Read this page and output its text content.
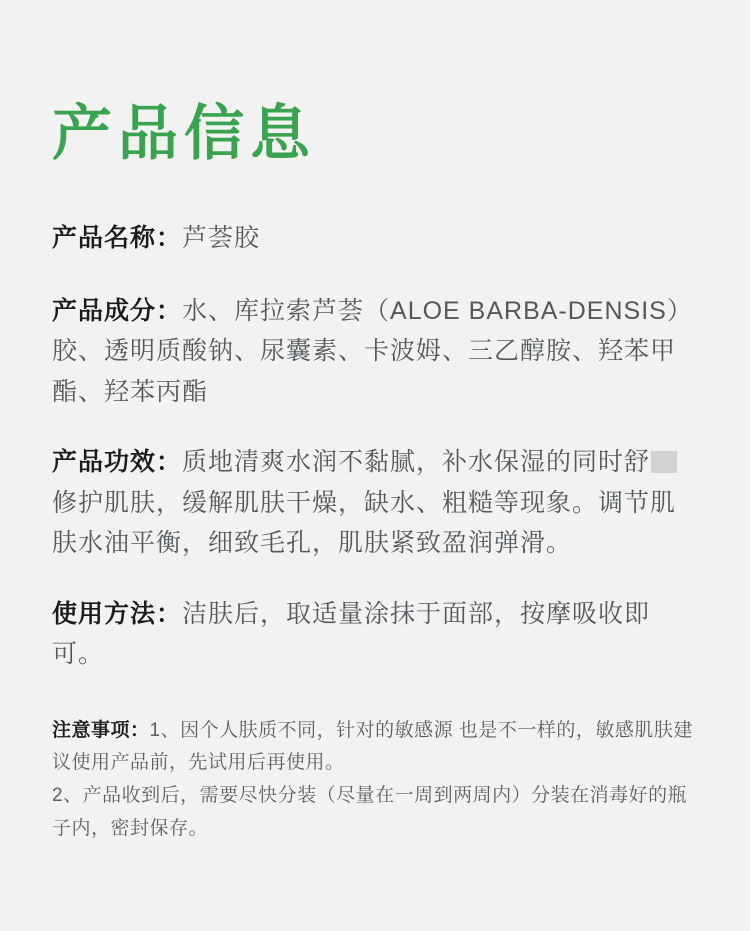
产品信息
产品名称：芦荟胶
产品成分：水、库拉索芦荟（ALOE BARBA-DENSIS）胶、透明质酸钠、尿囊素、卡波姆、三乙醇胺、羟苯甲酯、羟苯丙酯
产品功效：质地清爽水润不黏腻，补水保湿的同时舒修护肌肤，缓解肌肤干燥，缺水、粗糙等现象。调节肌肤水油平衡，细致毛孔，肌肤紧致盈润弹滑。
使用方法：洁肤后，取适量涂抹于面部，按摩吸收即可。

注意事项：1、因个人肤质不同，针对的敏感源 也是不一样的，敏感肌肤建议使用产品前，先试用后再使用。

2、产品收到后，需要尽快分装（尽量在一周到两周内）分装在消毒好的瓶子内，密封保存。
